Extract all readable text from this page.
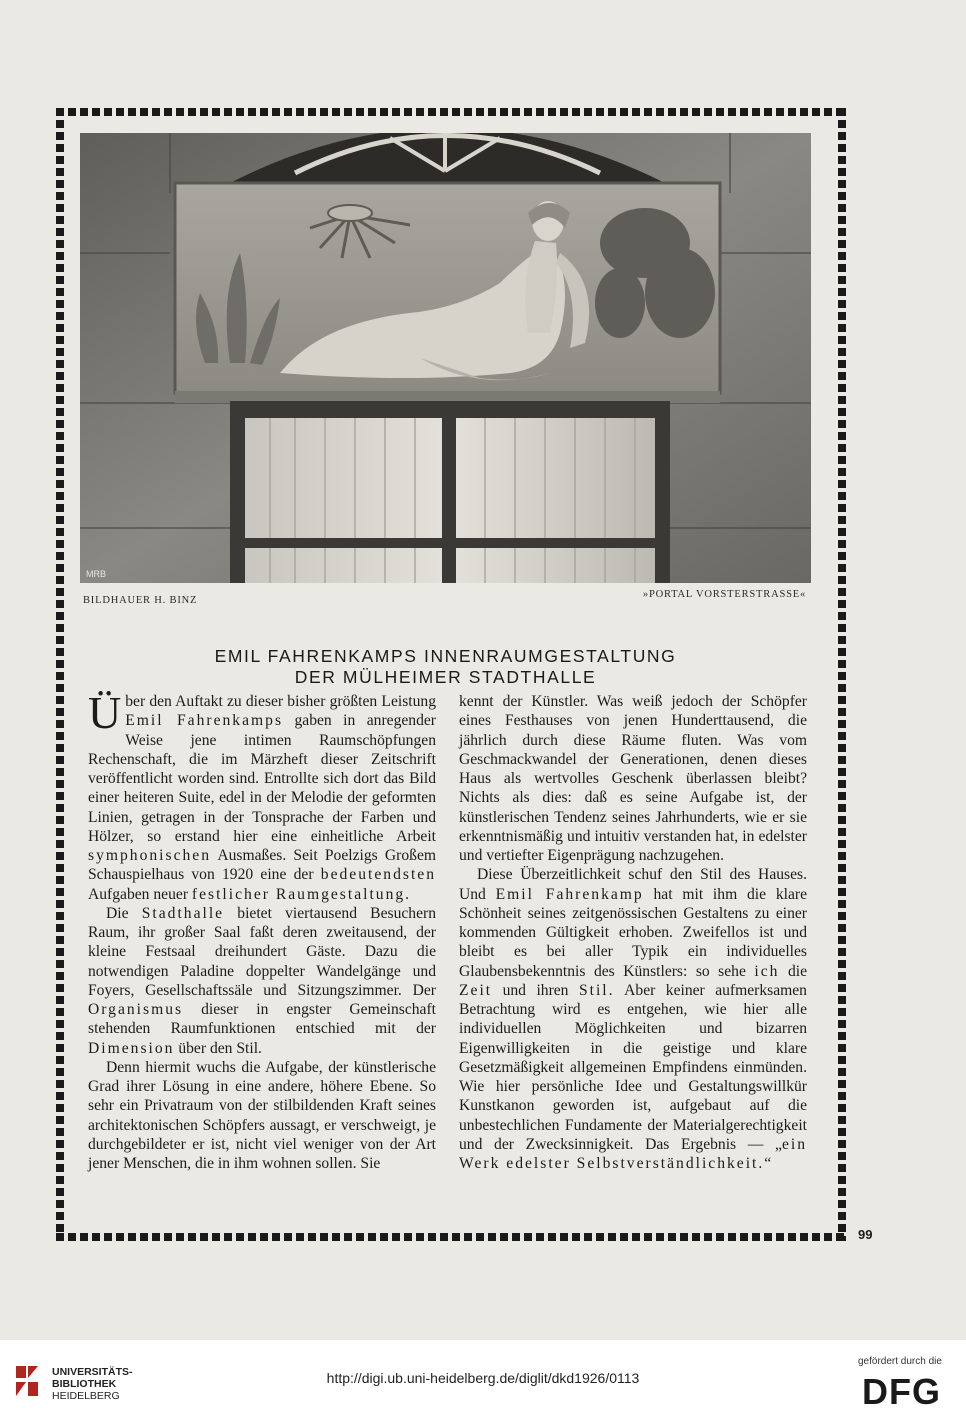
MRB
BILDHAUER H. BINZ
»PORTAL VORSTERSTRASSE«
EMIL FAHRENKAMPS INNENRAUMGESTALTUNG
DER MÜLHEIMER STADTHALLE

Über den Auftakt zu dieser bisher größten Leistung Emil Fahrenkamps gaben in anregender Weise jene intimen Raumschöpfungen Rechenschaft, die im Märzheft dieser Zeitschrift veröffentlicht worden sind. Entrollte sich dort das Bild einer heiteren Suite, edel in der Melodie der geformten Linien, getragen in der Tonsprache der Farben und Hölzer, so erstand hier eine einheitliche Arbeit symphonischen Ausmaßes. Seit Poelzigs Großem Schauspielhaus von 1920 eine der bedeutendsten Aufgaben neuer festlicher Raumgestaltung.

Die Stadthalle bietet viertausend Besuchern Raum, ihr großer Saal faßt deren zweitausend, der kleine Festsaal dreihundert Gäste. Dazu die notwendigen Paladine doppelter Wandelgänge und Foyers, Gesellschaftssäle und Sitzungszimmer. Der Organismus dieser in engster Gemeinschaft stehenden Raumfunktionen entschied mit der Dimension über den Stil.

Denn hiermit wuchs die Aufgabe, der künstlerische Grad ihrer Lösung in eine andere, höhere Ebene. So sehr ein Privatraum von der stilbildenden Kraft seines architektonischen Schöpfers aussagt, er verschweigt, je durchgebildeter er ist, nicht viel weniger von der Art jener Menschen, die in ihm wohnen sollen. Sie

kennt der Künstler. Was weiß jedoch der Schöpfer eines Festhauses von jenen Hunderttausend, die jährlich durch diese Räume fluten. Was vom Geschmackwandel der Generationen, denen dieses Haus als wertvolles Geschenk überlassen bleibt? Nichts als dies: daß es seine Aufgabe ist, der künstlerischen Tendenz seines Jahrhunderts, wie er sie erkenntnismäßig und intuitiv verstanden hat, in edelster und vertiefter Eigenprägung nachzugehen.

Diese Überzeitlichkeit schuf den Stil des Hauses. Und Emil Fahrenkamp hat mit ihm die klare Schönheit seines zeitgenössischen Gestaltens zu einer kommenden Gültigkeit erhoben. Zweifellos ist und bleibt es bei aller Typik ein individuelles Glaubensbekenntnis des Künstlers: so sehe ich die Zeit und ihren Stil. Aber keiner aufmerksamen Betrachtung wird es entgehen, wie hier alle individuellen Möglichkeiten und bizarren Eigenwilligkeiten in die geistige und klare Gesetzmäßigkeit allgemeinen Empfindens einmünden. Wie hier persönliche Idee und Gestaltungswillkür Kunstkanon geworden ist, aufgebaut auf die unbestechlichen Fundamente der Materialgerechtigkeit und der Zwecksinnigkeit. Das Ergebnis — „ein Werk edelster Selbstverständlichkeit.“

99
UNIVERSITÄTS-
BIBLIOTHEK
HEIDELBERG
http://digi.ub.uni-heidelberg.de/diglit/dkd1926/0113
gefördert durch die
DFG
